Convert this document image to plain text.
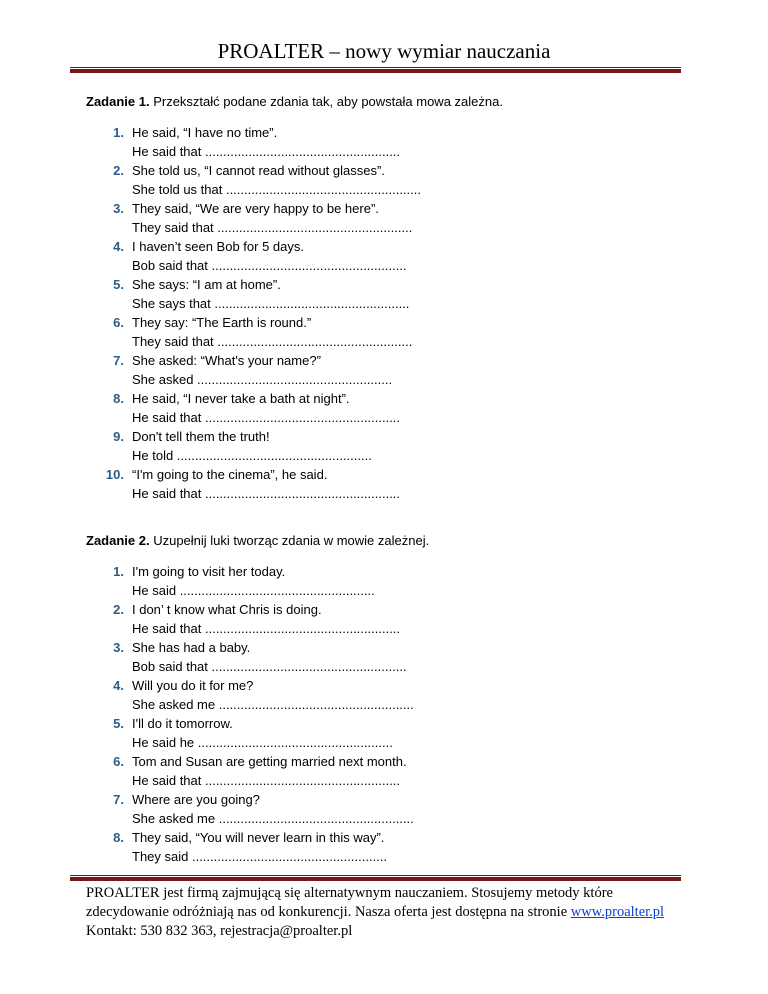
PROALTER – nowy wymiar nauczania
Zadanie 1. Przekształć podane zdania tak, aby powstała mowa zależna.
1. He said, “I have no time”.
He said that ......................................................
2. She told us, “I cannot read without glasses”.
She told us that ......................................................
3. They said, “We are very happy to be here”.
They said that ......................................................
4. I haven’t seen Bob for 5 days.
Bob said that ......................................................
5. She says: “I am at home”.
She says that ......................................................
6. They say: “The Earth is round.”
They said that ......................................................
7. She asked: “What's your name?”
She asked ......................................................
8. He said, “I never take a bath at night”.
He said that ......................................................
9. Don't tell them the truth!
He told ......................................................
10. “I'm going to the cinema”, he said.
He said that ......................................................
Zadanie 2. Uzupełnij luki tworząc zdania w mowie zależnej.
1. I'm going to visit her today.
He said ......................................................
2. I don’ t know what Chris is doing.
He said that ......................................................
3. She has had a baby.
Bob said that ......................................................
4. Will you do it for me?
She asked me ......................................................
5. I'll do it tomorrow.
He said he ......................................................
6. Tom and Susan are getting married next month.
He said that ......................................................
7. Where are you going?
She asked me ......................................................
8. They said, “You will never learn in this way”.
They said ......................................................
PROALTER jest firmą zajmującą się alternatywnym nauczaniem. Stosujemy metody które
zdecydowanie odróżniają nas od konkurencji. Nasza oferta jest dostępna na stronie www.proalter.pl
Kontakt: 530 832 363, rejestracja@proalter.pl
